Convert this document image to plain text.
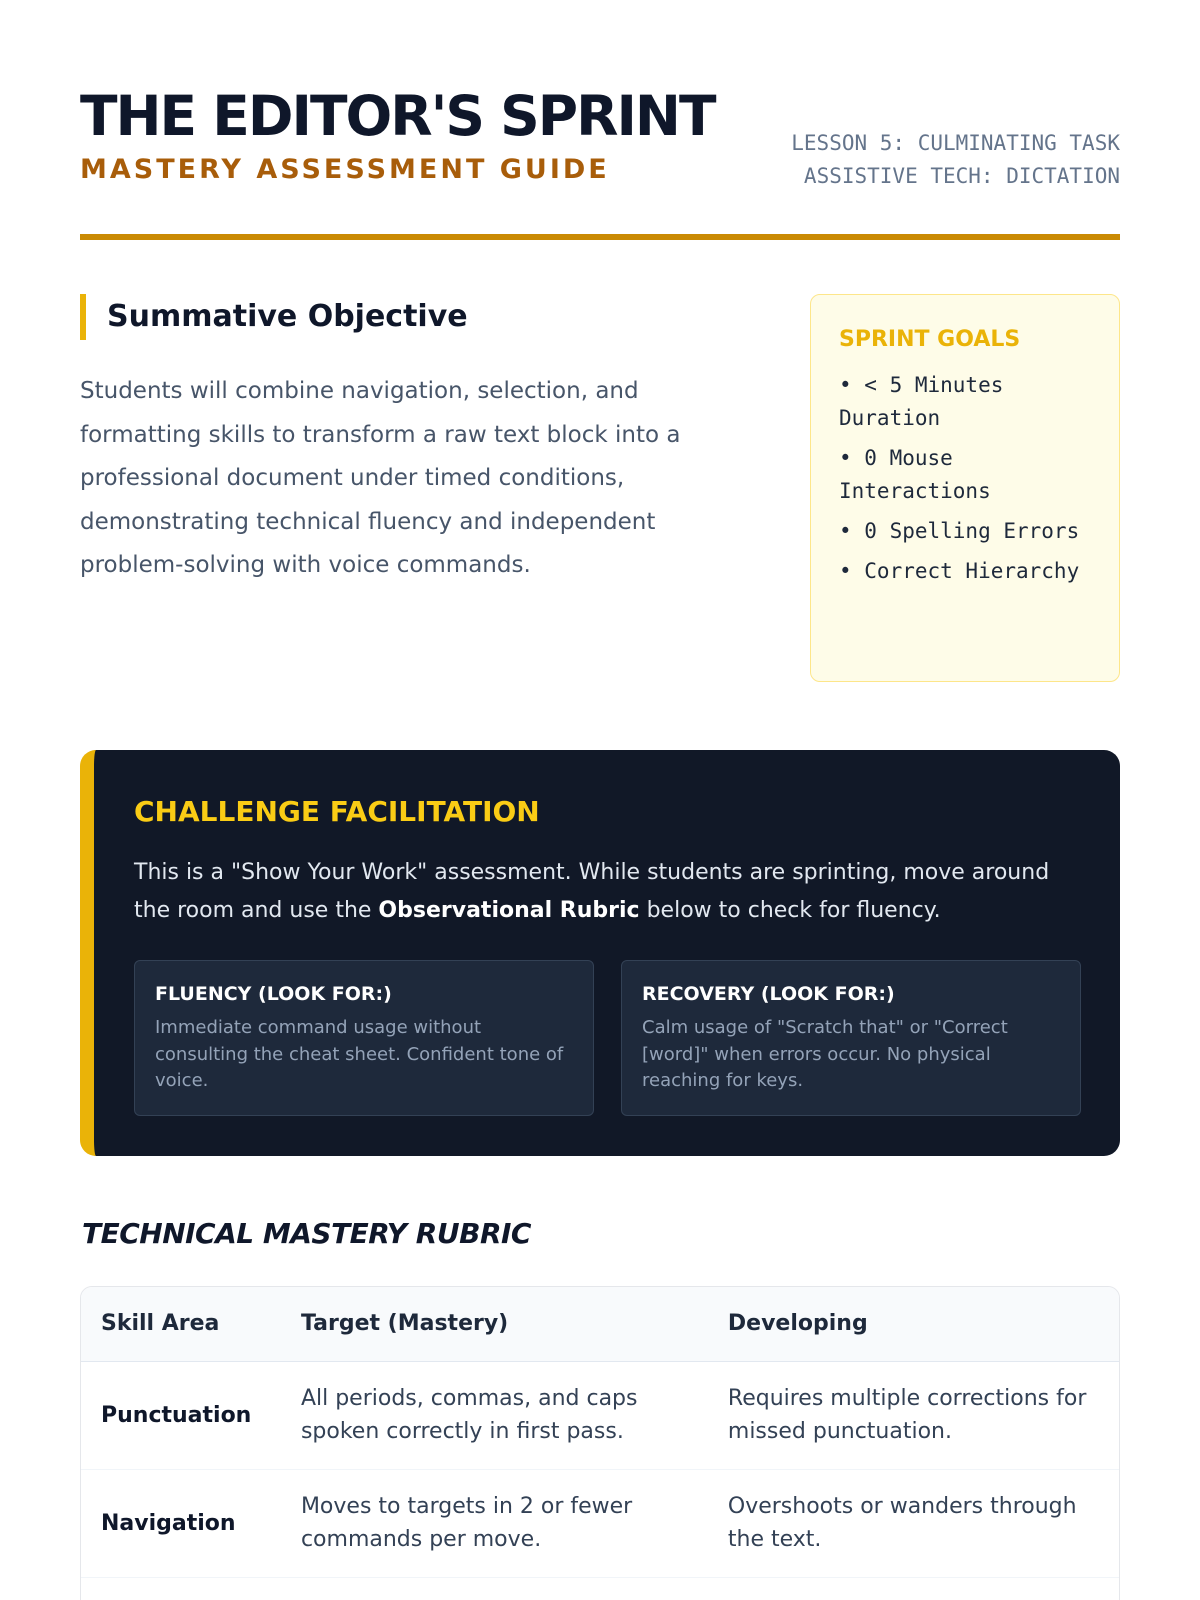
THE EDITOR'S SPRINT
MASTERY ASSESSMENT GUIDE
LESSON 5: CULMINATING TASK
ASSISTIVE TECH: DICTATION
Summative Objective

Students will combine navigation, selection, and formatting skills to transform a raw text block into a professional document under timed conditions, demonstrating technical fluency and independent problem-solving with voice commands.

SPRINT GOALS
• < 5 Minutes Duration
• 0 Mouse Interactions
• 0 Spelling Errors
• Correct Hierarchy
CHALLENGE FACILITATION

This is a "Show Your Work" assessment. While students are sprinting, move around the room and use the Observational Rubric below to check for fluency.

FLUENCY (LOOK FOR:)
Immediate command usage without consulting the cheat sheet. Confident tone of voice.
RECOVERY (LOOK FOR:)
Calm usage of "Scratch that" or "Correct [word]" when errors occur. No physical reaching for keys.
TECHNICAL MASTERY RUBRIC
Skill Area	Target (Mastery)	Developing
Punctuation	All periods, commas, and caps spoken correctly in first pass.	Requires multiple corrections for missed punctuation.
Navigation	Moves to targets in 2 or fewer commands per move.	Overshoots or wanders through the text.
